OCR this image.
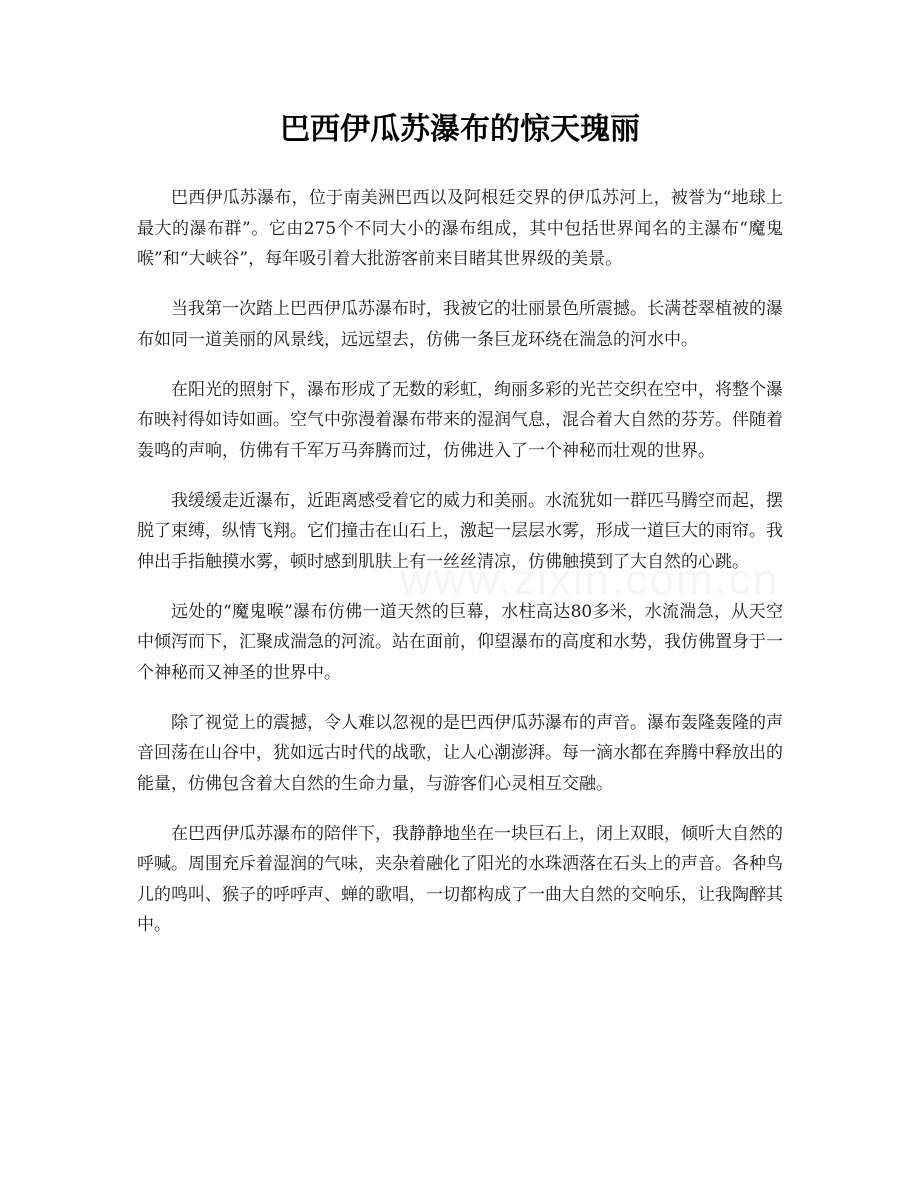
巴西伊瓜苏瀑布的惊天瑰丽

巴西伊瓜苏瀑布，位于南美洲巴西以及阿根廷交界的伊瓜苏河上，被誉为“地球上最大的瀑布群”。它由275个不同大小的瀑布组成，其中包括世界闻名的主瀑布“魔鬼喉”和“大峡谷”，每年吸引着大批游客前来目睹其世界级的美景。

当我第一次踏上巴西伊瓜苏瀑布时，我被它的壮丽景色所震撼。长满苍翠植被的瀑布如同一道美丽的风景线，远远望去，仿佛一条巨龙环绕在湍急的河水中。

在阳光的照射下，瀑布形成了无数的彩虹，绚丽多彩的光芒交织在空中，将整个瀑布映衬得如诗如画。空气中弥漫着瀑布带来的湿润气息，混合着大自然的芬芳。伴随着轰鸣的声响，仿佛有千军万马奔腾而过，仿佛进入了一个神秘而壮观的世界。

我缓缓走近瀑布，近距离感受着它的威力和美丽。水流犹如一群匹马腾空而起，摆脱了束缚，纵情飞翔。它们撞击在山石上，激起一层层水雾，形成一道巨大的雨帘。我伸出手指触摸水雾，顿时感到肌肤上有一丝丝清凉，仿佛触摸到了大自然的心跳。

远处的“魔鬼喉”瀑布仿佛一道天然的巨幕，水柱高达80多米，水流湍急，从天空中倾泻而下，汇聚成湍急的河流。站在面前，仰望瀑布的高度和水势，我仿佛置身于一个神秘而又神圣的世界中。

除了视觉上的震撼，令人难以忽视的是巴西伊瓜苏瀑布的声音。瀑布轰隆轰隆的声音回荡在山谷中，犹如远古时代的战歌，让人心潮澎湃。每一滴水都在奔腾中释放出的能量，仿佛包含着大自然的生命力量，与游客们心灵相互交融。

在巴西伊瓜苏瀑布的陪伴下，我静静地坐在一块巨石上，闭上双眼，倾听大自然的呼喊。周围充斥着湿润的气味，夹杂着融化了阳光的水珠洒落在石头上的声音。各种鸟儿的鸣叫、猴子的呼呼声、蝉的歌唱，一切都构成了一曲大自然的交响乐，让我陶醉其中。
